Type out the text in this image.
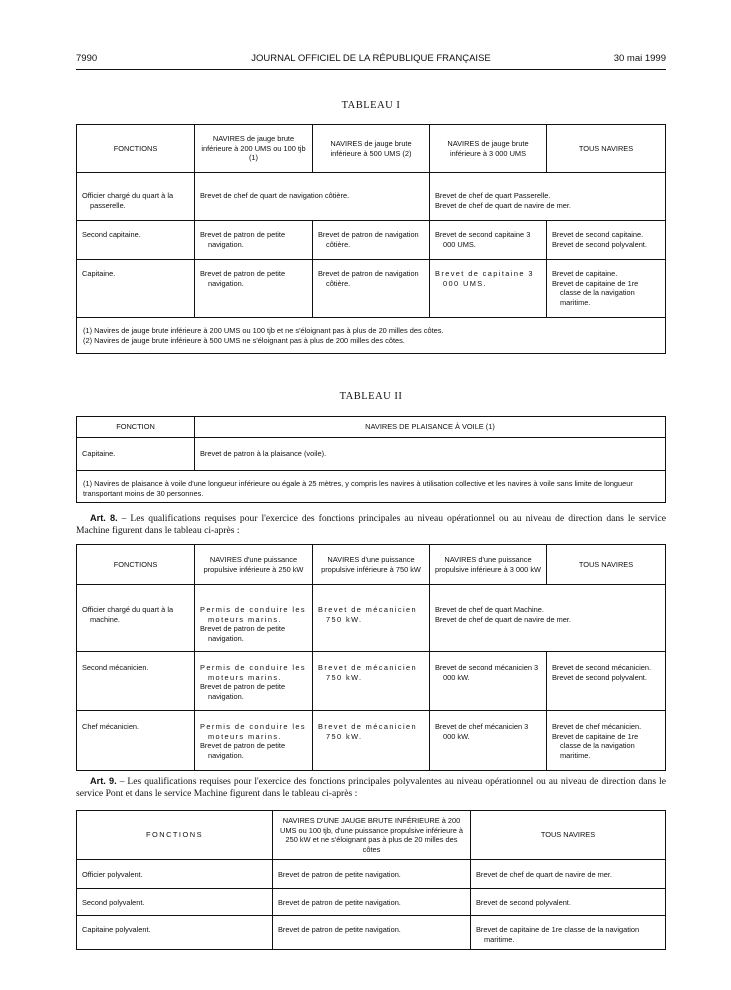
7990	JOURNAL OFFICIEL DE LA RÉPUBLIQUE FRANÇAISE	30 mai 1999
TABLEAU I
FONCTIONS	NAVIRES de jauge brute inférieure à 200 UMS ou 100 tjb (1)	NAVIRES de jauge brute inférieure à 500 UMS (2)	NAVIRES de jauge brute inférieure à 3 000 UMS	TOUS NAVIRES

Officier chargé du quart à la passerelle.	Brevet de chef de quart de navigation côtière.		Brevet de chef de quart Passerelle.
Brevet de chef de quart de navire de mer.	

Second capitaine.	Brevet de patron de petite navigation.	Brevet de patron de navigation côtière.	Brevet de second capitaine 3 000 UMS.	Brevet de second capitaine.
Brevet de second polyvalent.

Capitaine.	Brevet de patron de petite navigation.	Brevet de patron de navigation côtière.	Brevet de capitaine 3 000 UMS.	Brevet de capitaine.
Brevet de capitaine de 1re classe de la navigation maritime.

(1) Navires de jauge brute inférieure à 200 UMS ou 100 tjb et ne s'éloignant pas à plus de 20 milles des côtes.
(2) Navires de jauge brute inférieure à 500 UMS ne s'éloignant pas à plus de 200 milles des côtes.				
TABLEAU II
FONCTION	NAVIRES DE PLAISANCE À VOILE (1)
Capitaine.	Brevet de patron à la plaisance (voile).

(1) Navires de plaisance à voile d'une longueur inférieure ou égale à 25 mètres, y compris les navires à utilisation collective et les navires à voile sans limite de longueur transportant moins de 30 personnes.	
Art. 8. – Les qualifications requises pour l'exercice des fonctions principales au niveau opérationnel ou au niveau de direction dans le service Machine figurent dans le tableau ci-après :
FONCTIONS	NAVIRES d'une puissance propulsive inférieure à 250 kW	NAVIRES d'une puissance propulsive inférieure à 750 kW	NAVIRES d'une puissance propulsive inférieure à 3 000 kW	TOUS NAVIRES

Officier chargé du quart à la machine.	Permis de conduire les moteurs marins.
Brevet de patron de petite navigation.	Brevet de mécanicien 750 kW.	Brevet de chef de quart Machine.
Brevet de chef de quart de navire de mer.	

Second mécanicien.	Permis de conduire les moteurs marins.
Brevet de patron de petite navigation.	Brevet de mécanicien 750 kW.	Brevet de second mécanicien 3 000 kW.	Brevet de second mécanicien.
Brevet de second polyvalent.

Chef mécanicien.	Permis de conduire les moteurs marins.
Brevet de patron de petite navigation.	Brevet de mécanicien 750 kW.	Brevet de chef mécanicien 3 000 kW.	Brevet de chef mécanicien.
Brevet de capitaine de 1re classe de la navigation maritime.
Art. 9. – Les qualifications requises pour l'exercice des fonctions principales polyvalentes au niveau opérationnel ou au niveau de direction dans le service Pont et dans le service Machine figurent dans le tableau ci-après :
FONCTIONS	NAVIRES D'UNE JAUGE BRUTE INFÉRIEURE à 200 UMS ou 100 tjb, d'une puissance propulsive inférieure à 250 kW et ne s'éloignant pas à plus de 20 milles des côtes	TOUS NAVIRES
Officier polyvalent.	Brevet de patron de petite navigation.	Brevet de chef de quart de navire de mer.

Second polyvalent.	Brevet de patron de petite navigation.	Brevet de second polyvalent.

Capitaine polyvalent.	Brevet de patron de petite navigation.	Brevet de capitaine de 1re classe de la navigation maritime.
